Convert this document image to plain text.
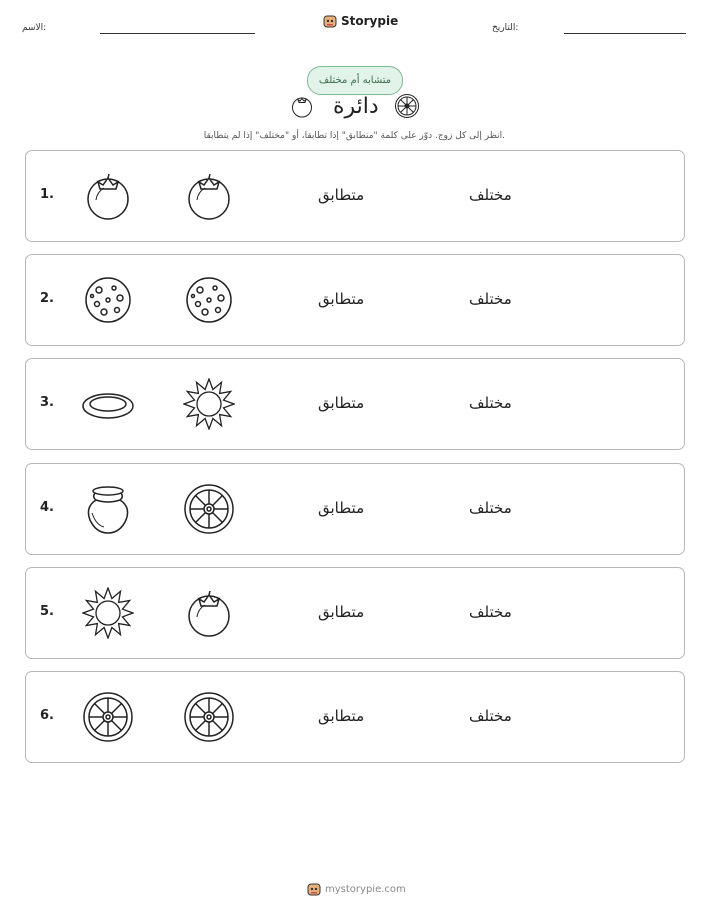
الاسم:	Storypie	التاريخ:
متشابه أم مختلف
دائرة
انظر إلى كل زوج. دوّر على كلمة "متطابق" إذا تطابقا، أو "مختلف" إذا لم يتطابقا.
1.	متطابق	مختلف
2.	متطابق	مختلف
3.	متطابق	مختلف
4.	متطابق	مختلف
5.	متطابق	مختلف
6.	متطابق	مختلف
mystorypie.com
